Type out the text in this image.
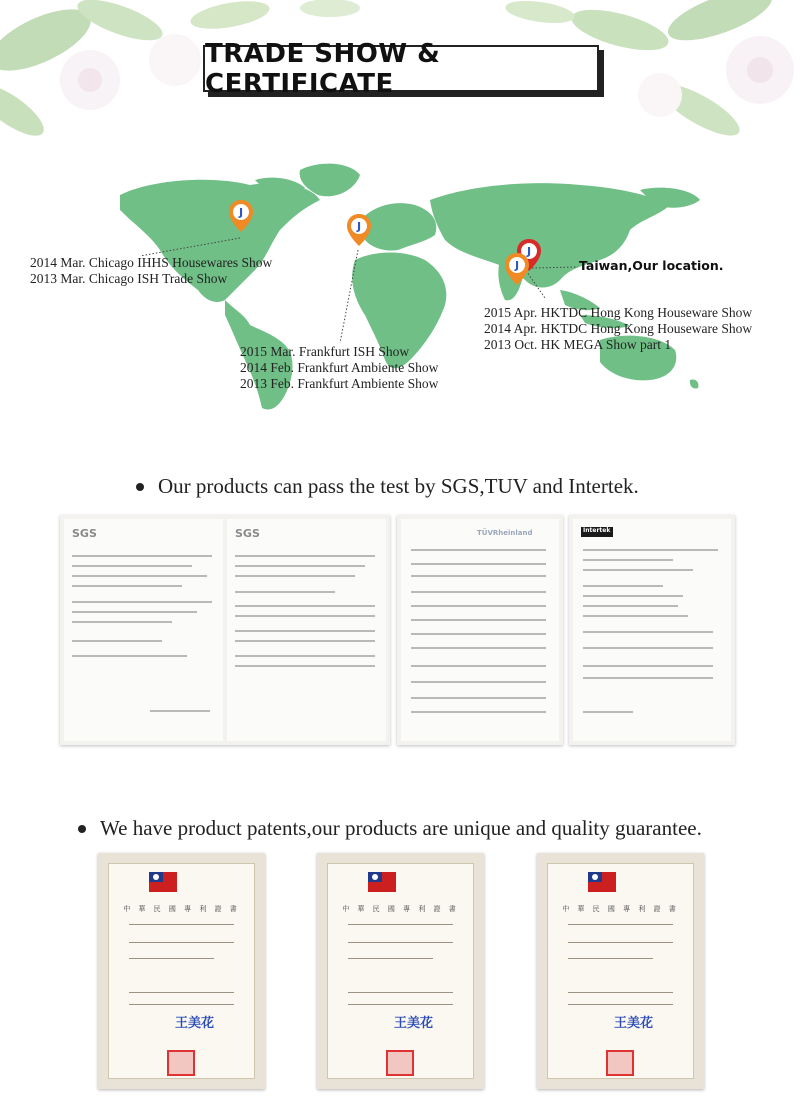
TRADE SHOW & CERTIFICATE
J
J
J
J	Taiwan,Our location.
2014 Mar. Chicago IHHS Housewares Show
2013 Mar. Chicago ISH Trade Show
2015 Mar. Frankfurt ISH Show
2014 Feb. Frankfurt Ambiente Show
2013 Feb. Frankfurt Ambiente Show
2015 Apr. HKTDC Hong Kong Houseware Show
2014 Apr. HKTDC Hong Kong Houseware Show
2013 Oct. HK MEGA Show part 1
Our products can pass the test by SGS,TUV and Intertek.
SGS	SGS	TÜVRheinland	Intertek
We have product patents,our products are unique and quality guarantee.
中 華 民 國 專 利 證 書
王美花
中 華 民 國 專 利 證 書
王美花
中 華 民 國 專 利 證 書
王美花
